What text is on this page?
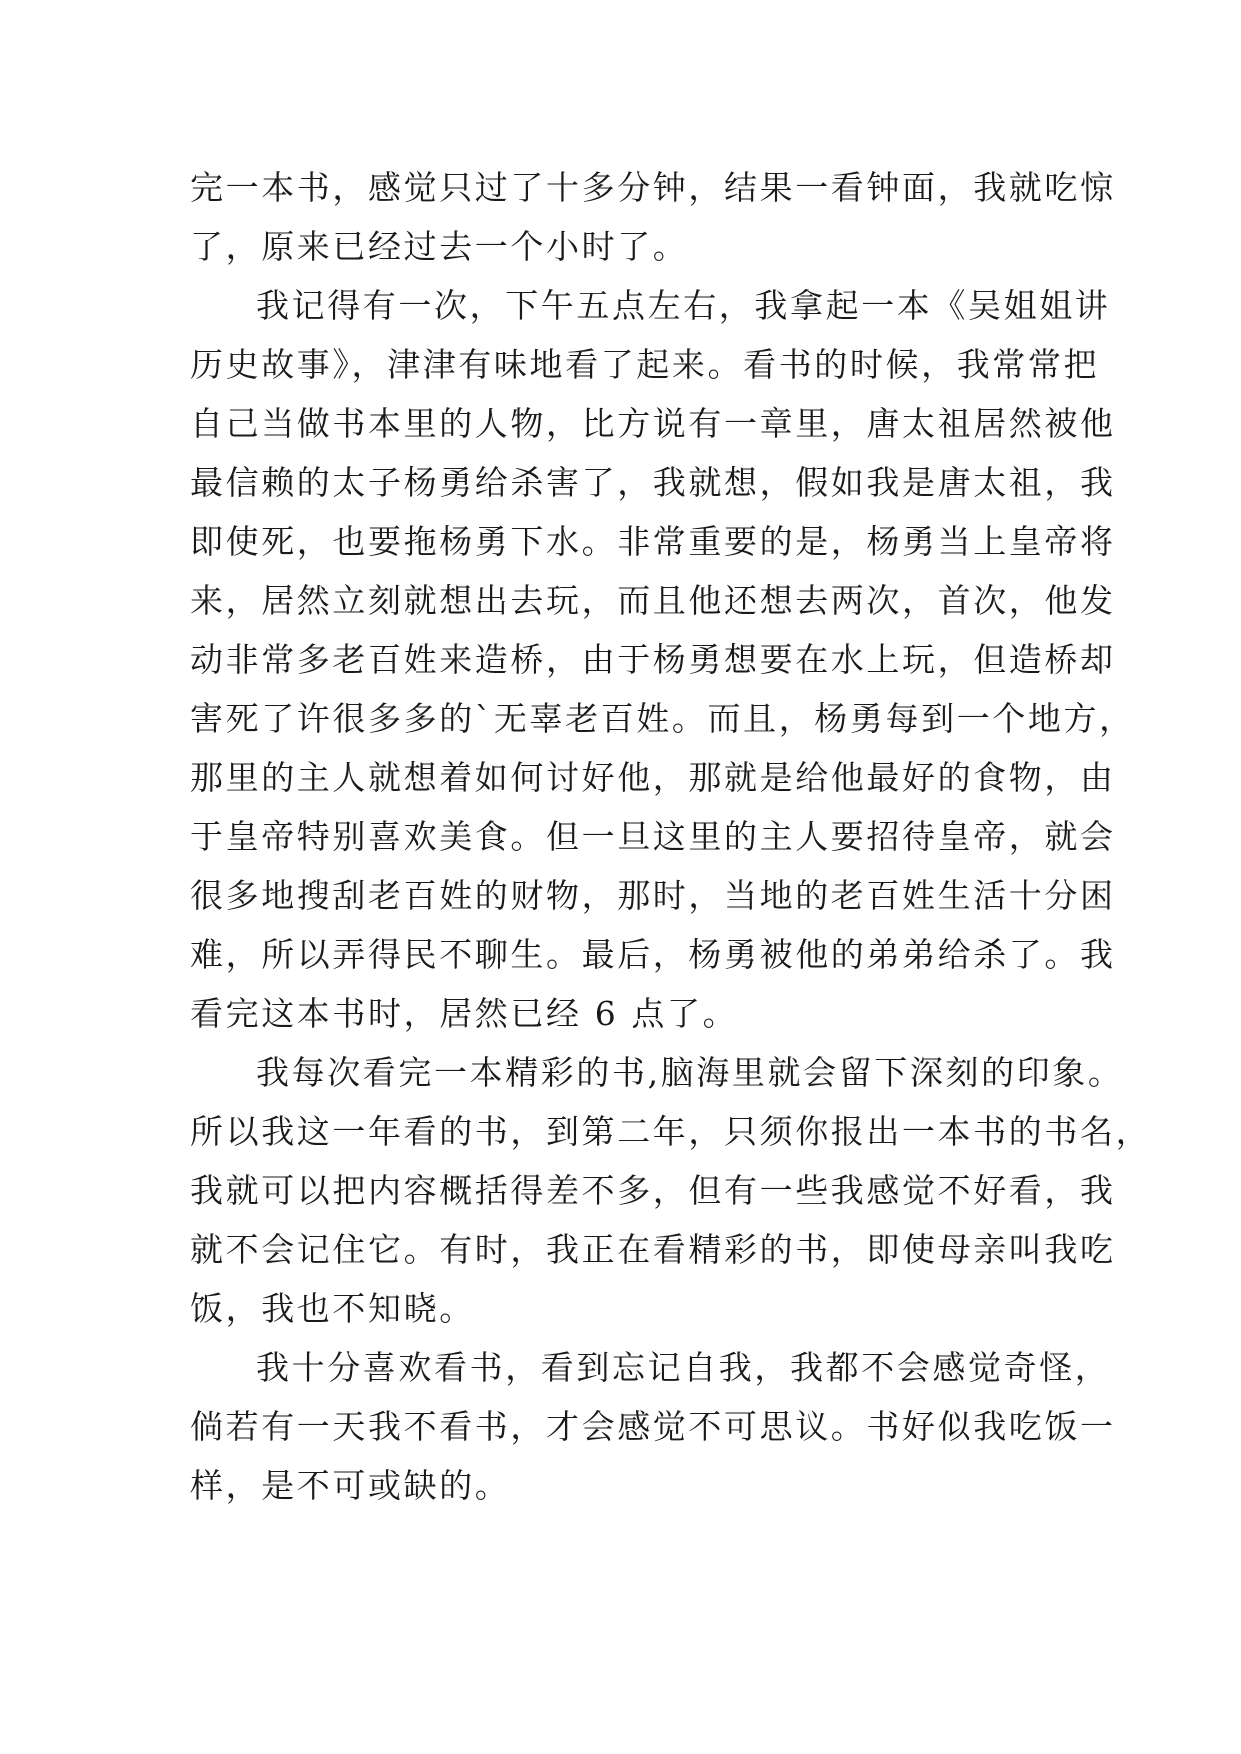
完一本书，感觉只过了十多分钟，结果一看钟面，我就吃惊
了，原来已经过去一个小时了。
我记得有一次，下午五点左右，我拿起一本《吴姐姐讲
历史故事》，津津有味地看了起来。看书的时候，我常常把
自己当做书本里的人物，比方说有一章里，唐太祖居然被他
最信赖的太子杨勇给杀害了，我就想，假如我是唐太祖，我
即使死，也要拖杨勇下水。非常重要的是，杨勇当上皇帝将
来，居然立刻就想出去玩，而且他还想去两次，首次，他发
动非常多老百姓来造桥，由于杨勇想要在水上玩，但造桥却
害死了许很多多的`无辜老百姓。而且，杨勇每到一个地方，
那里的主人就想着如何讨好他，那就是给他最好的食物，由
于皇帝特别喜欢美食。但一旦这里的主人要招待皇帝，就会
很多地搜刮老百姓的财物，那时，当地的老百姓生活十分困
难，所以弄得民不聊生。最后，杨勇被他的弟弟给杀了。我
看完这本书时，居然已经 6 点了。
我每次看完一本精彩的书,脑海里就会留下深刻的印象。
所以我这一年看的书，到第二年，只须你报出一本书的书名，
我就可以把内容概括得差不多，但有一些我感觉不好看，我
就不会记住它。有时，我正在看精彩的书，即使母亲叫我吃
饭，我也不知晓。
我十分喜欢看书，看到忘记自我，我都不会感觉奇怪，
倘若有一天我不看书，才会感觉不可思议。书好似我吃饭一
样，是不可或缺的。
